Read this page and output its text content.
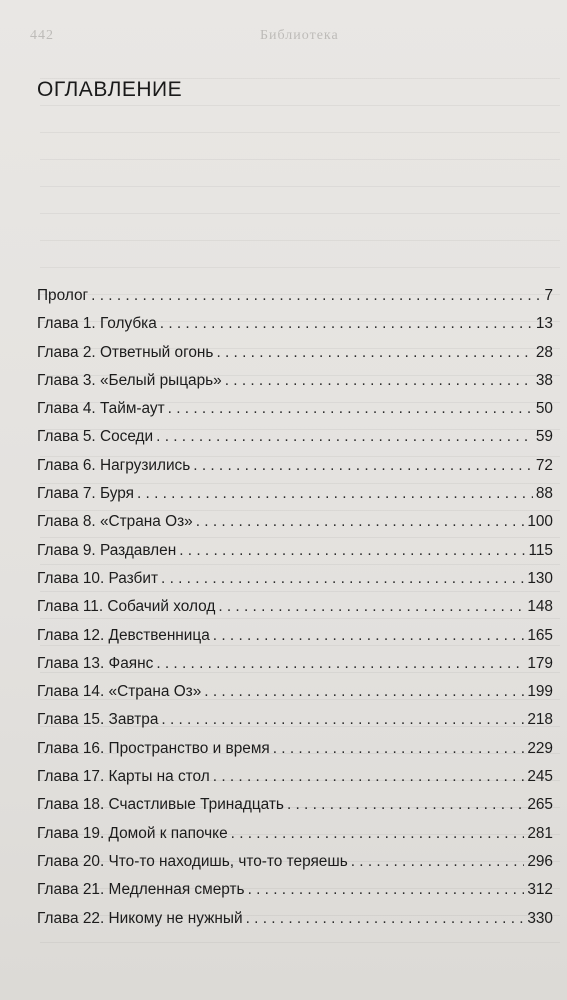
442	Библиотека
ОГЛАВЛЕНИЕ
Пролог . . .	7
Глава 1. Голубка . . .	13
Глава 2. Ответный огонь . . .	28
Глава 3. «Белый рыцарь» . . .	38
Глава 4. Тайм-аут . . .	50
Глава 5. Соседи . . .	59
Глава 6. Нагрузились . . .	72
Глава 7. Буря . . .	88
Глава 8. «Страна Оз» . . .	100
Глава 9. Раздавлен . . .	115
Глава 10. Разбит . . .	130
Глава 11. Собачий холод . . .	148
Глава 12. Девственница . . .	165
Глава 13. Фаянс . . .	179
Глава 14. «Страна Оз» . . .	199
Глава 15. Завтра . . .	218
Глава 16. Пространство и время . . .	229
Глава 17. Карты на стол . . .	245
Глава 18. Счастливые Тринадцать . . .	265
Глава 19. Домой к папочке . . .	281
Глава 20. Что-то находишь, что-то теряешь . . .	296
Глава 21. Медленная смерть . . .	312
Глава 22. Никому не нужный . . .	330
